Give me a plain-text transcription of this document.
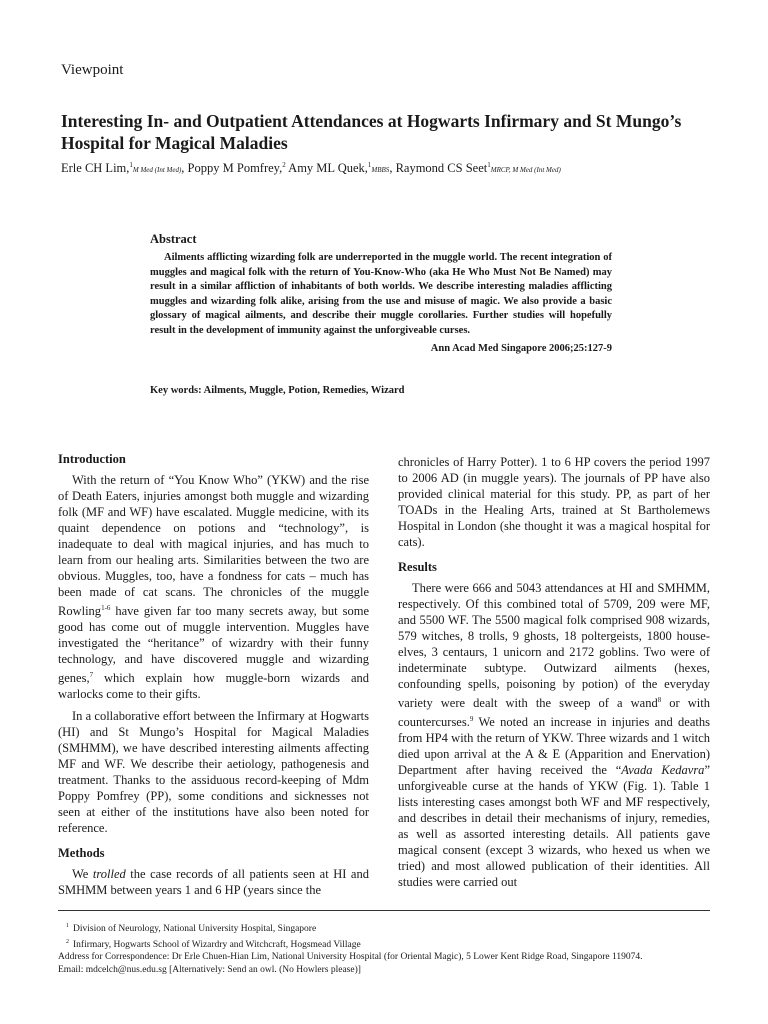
Viewpoint
Interesting In- and Outpatient Attendances at Hogwarts Infirmary and St Mungo’s Hospital for Magical Maladies
Erle CH Lim,$^1$M Med (Int Med), Poppy M Pomfrey,$^2$ Amy ML Quek,$^1$MBBS, Raymond CS Seet$^1$MRCP, M Med (Int Med)
Abstract

Ailments afflicting wizarding folk are underreported in the muggle world. The recent integration of muggles and magical folk with the return of You-Know-Who (aka He Who Must Not Be Named) may result in a similar affliction of inhabitants of both worlds. We describe interesting maladies afflicting muggles and wizarding folk alike, arising from the use and misuse of magic. We also provide a basic glossary of magical ailments, and describe their muggle corollaries. Further studies will hopefully result in the development of immunity against the unforgiveable curses.

Ann Acad Med Singapore 2006;25:127-9
Key words: Ailments, Muggle, Potion, Remedies, Wizard
Introduction

With the return of “You Know Who” (YKW) and the rise of Death Eaters, injuries amongst both muggle and wizarding folk (MF and WF) have escalated. Muggle medicine, with its quaint dependence on potions and “technology”, is inadequate to deal with magical injuries, and has much to learn from our healing arts. Similarities between the two are obvious. Muggles, too, have a fondness for cats – much has been made of cat scans. The chronicles of the muggle Rowling$^{1-6}$ have given far too many secrets away, but some good has come out of muggle intervention. Muggles have investigated the “heritance” of wizardry with their funny technology, and have discovered muggle and wizarding genes,$^7$ which explain how muggle-born wizards and warlocks come to their gifts.

In a collaborative effort between the Infirmary at Hogwarts (HI) and St Mungo’s Hospital for Magical Maladies (SMHMM), we have described interesting ailments affecting MF and WF. We describe their aetiology, pathogenesis and treatment. Thanks to the assiduous record-keeping of Mdm Poppy Pomfrey (PP), some conditions and sicknesses not seen at either of the institutions have also been noted for reference.

Methods

We trolled the case records of all patients seen at HI and SMHMM between years 1 and 6 HP (years since the

chronicles of Harry Potter). 1 to 6 HP covers the period 1997 to 2006 AD (in muggle years). The journals of PP have also provided clinical material for this study. PP, as part of her TOADs in the Healing Arts, trained at St Bartholemews Hospital in London (she thought it was a magical hospital for cats).

Results

There were 666 and 5043 attendances at HI and SMHMM, respectively. Of this combined total of 5709, 209 were MF, and 5500 WF. The 5500 magical folk comprised 908 wizards, 579 witches, 8 trolls, 9 ghosts, 18 poltergeists, 1800 house-elves, 3 centaurs, 1 unicorn and 2172 goblins. Two were of indeterminate subtype. Outwizard ailments (hexes, confounding spells, poisoning by potion) of the everyday variety were dealt with the sweep of a wand$^8$ or with countercurses.$^9$ We noted an increase in injuries and deaths from HP4 with the return of YKW. Three wizards and 1 witch died upon arrival at the A & E (Apparition and Enervation) Department after having received the “Avada Kedavra” unforgiveable curse at the hands of YKW (Fig. 1). Table 1 lists interesting cases amongst both WF and MF respectively, and describes in detail their mechanisms of injury, remedies, as well as assorted interesting details. All patients gave magical consent (except 3 wizards, who hexed us when we tried) and most allowed publication of their identities. All studies were carried out

$^1$ Division of Neurology, National University Hospital, Singapore
$^2$ Infirmary, Hogwarts School of Wizardry and Witchcraft, Hogsmead Village
Address for Correspondence: Dr Erle Chuen-Hian Lim, National University Hospital (for Oriental Magic), 5 Lower Kent Ridge Road, Singapore 119074.
Email: mdcelch@nus.edu.sg [Alternatively: Send an owl. (No Howlers please)]
